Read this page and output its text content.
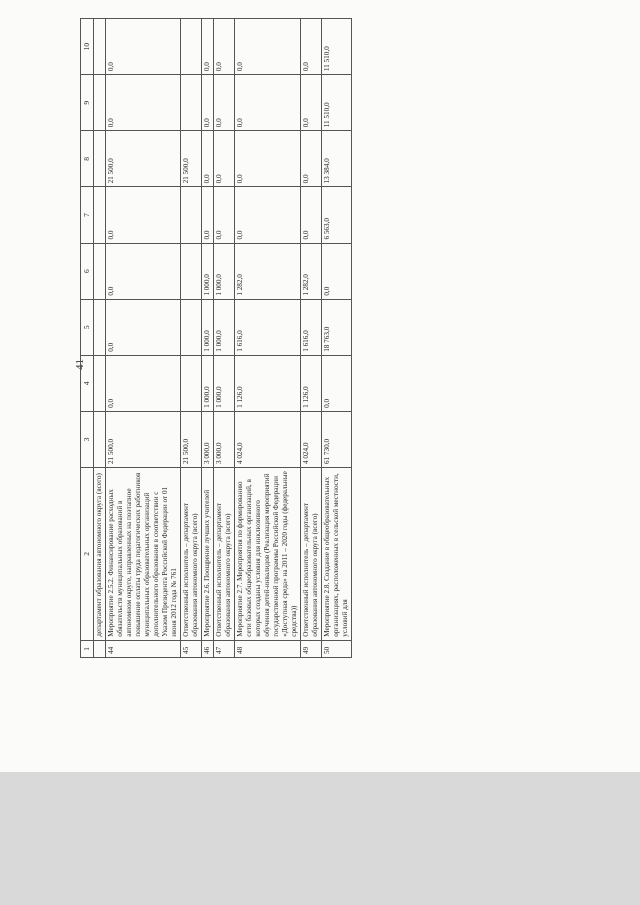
41
1	2	3	4	5	6	7	8	9	10
	департамент образования автономного округа (всего)								
44	Мероприятие 2.5.2. Финансирование расходных обязательств муниципальных образований в автономном округе, направленных на поэтапное повышение оплаты труда педагогических работников муниципальных образовательных организаций дополнительного образования в соответствии с Указом Президента Российской Федерации от 01 июня 2012 года № 761	21 500,0	0,0	0,0	0,0	0,0	21 500,0	0,0	0,0
45	Ответственный исполнитель – департамент образования автономного округа (всего)	21 500,0					21 500,0		
46	Мероприятие 2.6. Поощрение лучших учителей	3 000,0	1 000,0	1 000,0	1 000,0	0,0	0,0	0,0	0,0
47	Ответственный исполнитель – департамент образования автономного округа (всего)	3 000,0	1 000,0	1 000,0	1 000,0	0,0	0,0	0,0	0,0
48	Мероприятие 2.7. Мероприятия по формированию сети базовых общеобразовательных организаций, в которых созданы условия для инклюзивного обучения детей-инвалидов (Реализация мероприятий государственной программы Российской Федерации «Доступная среда» на 2011 – 2020 годы (федеральные средства))	4 024,0	1 126,0	1 616,0	1 282,0	0,0	0,0	0,0	0,0
49	Ответственный исполнитель – департамент образования автономного округа (всего)	4 024,0	1 126,0	1 616,0	1 282,0	0,0	0,0	0,0	0,0
50	Мероприятие 2.8. Создание в общеобразовательных организациях, расположенных в сельской местности, условий для	61 730,0	0,0	18 763,0	0,0	6 563,0	13 384,0	11 510,0	11 510,0
